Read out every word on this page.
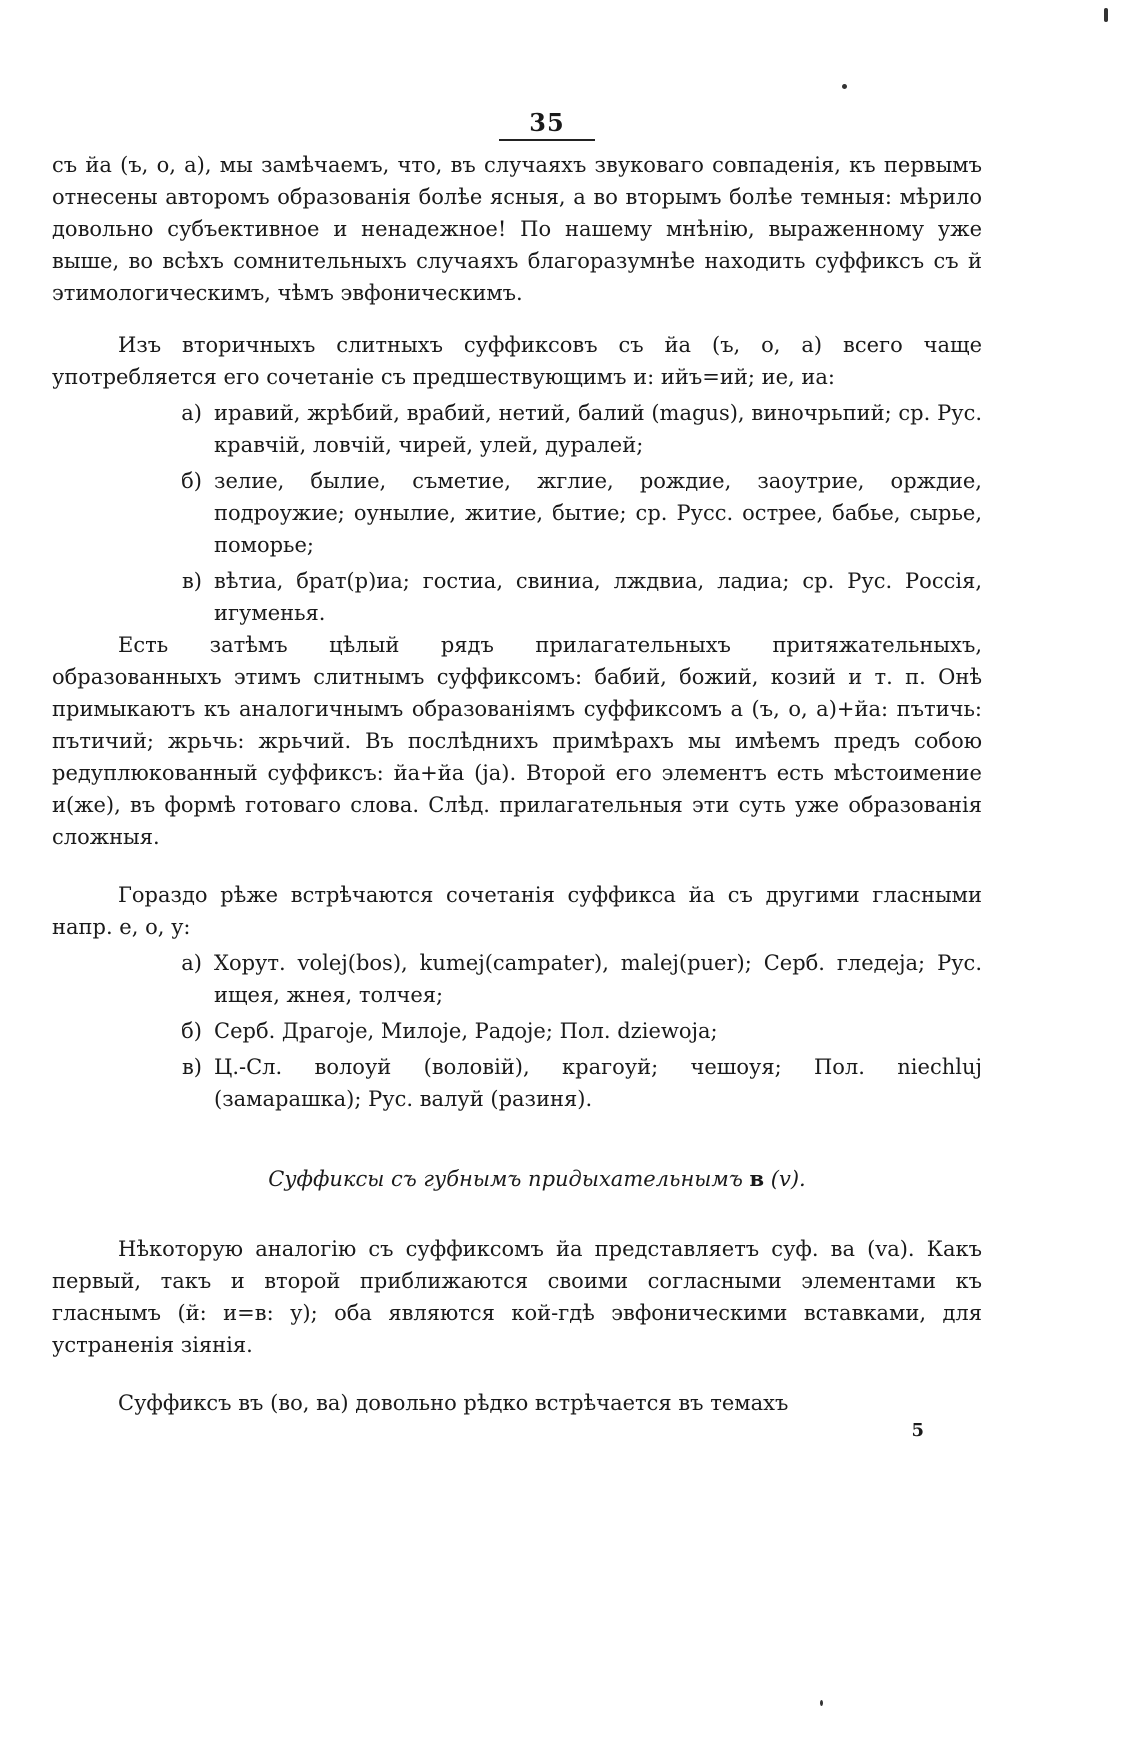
35

съ йа (ъ, о, а), мы замѣчаемъ, что, въ случаяхъ звуковаго совпаденія, къ первымъ отнесены авторомъ образованія болѣе ясныя, а во вторымъ болѣе темныя: мѣрило довольно субъективное и ненадежное! По нашему мнѣнію, выраженному уже выше, во всѣхъ сомнительныхъ случаяхъ благоразумнѣе находить суффиксъ съ й этимологическимъ, чѣмъ эвфоническимъ.

Изъ вторичныхъ слитныхъ суффиксовъ съ йа (ъ, о, а) всего чаще употребляется его сочетаніе съ предшествующимъ и: ийъ=ий; ие, иа:

а) иравий, жрѣбий, врабий, нетий, балий (magus), виночрьпий; ср. Рус. кравчій, ловчій, чирей, улей, дуралей;
б) зелие, былие, съметие, жглие, рождие, заоутрие, орждие, подроужие; оунылие, житие, бытие; ср. Русс. острее, бабье, сырье, поморье;
в) вѣтиа, брат(р)иа; гостиа, свиниа, лждвиа, ладиа; ср. Рус. Россія, игуменья.

Есть затѣмъ цѣлый рядъ прилагательныхъ притяжательныхъ, образованныхъ этимъ слитнымъ суффиксомъ: бабий, божий, козий и т. п. Онѣ примыкаютъ къ аналогичнымъ образованіямъ суффиксомъ а (ъ, о, а)+йа: пътичь: пътичий; жрьчь: жрьчий. Въ послѣднихъ примѣрахъ мы имѣемъ предъ собою редуплюкованный суффиксъ: йа+йа (ja). Второй его элементъ есть мѣстоимение и(же), въ формѣ готоваго слова. Слѣд. прилагательныя эти суть уже образованія сложныя.

Гораздо рѣже встрѣчаются сочетанія суффикса йа съ другими гласными напр. е, о, у:

а) Хорут. volej(bos), kumej(campater), malej(puer); Серб. гледеја; Рус. ищея, жнея, толчея;
б) Серб. Драгоје, Милоје, Радоје; Пол. dziewoja;
в) Ц.-Сл. волоуй (воловій), крагоуй; чешоуя; Пол. niechluj (замарашка); Рус. валуй (разиня).
Суффиксы съ губнымъ придыхательнымъ в (v).

Нѣкоторую аналогію съ суффиксомъ йа представляетъ суф. ва (va). Какъ первый, такъ и второй приближаются своими согласными элементами къ гласнымъ (й: и=в: у); оба являются кой-гдѣ эвфоническими вставками, для устраненія зіянія.

Суффиксъ въ (во, ва) довольно рѣдко встрѣчается въ темахъ

5
